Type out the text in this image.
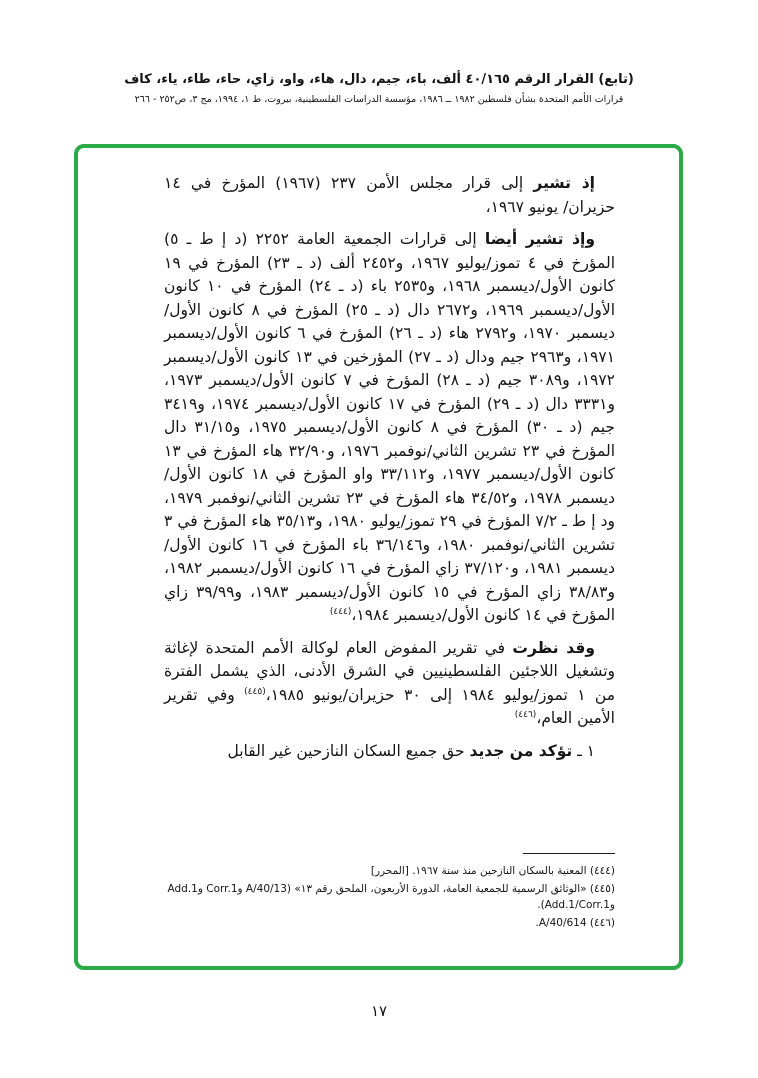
(تابع) القرار الرقم ٤٠/١٦٥ ألف، باء، جيم، دال، هاء، واو، زاي، حاء، طاء، ياء، كاف
قرارات الأمم المتحدة بشأن فلسطين ١٩٨٢ ــ ١٩٨٦، مؤسسة الدراسات الفلسطينية، بيروت، ط ١، ١٩٩٤، مج ٣، ص٢٥٢ - ٢٦٦

إذ تشير إلى قرار مجلس الأمن ٢٣٧ (١٩٦٧) المؤرخ في ١٤ حزيران/ يونيو ١٩٦٧،

وإذ تشير أيضا إلى قرارات الجمعية العامة ٢٢٥٢ (د إ ط ـ ٥) المؤرخ في ٤ تموز/يوليو ١٩٦٧، و٢٤٥٢ ألف (د ـ ٢٣) المؤرخ في ١٩ كانون الأول/ديسمبر ١٩٦٨، و٢٥٣٥ باء (د ـ ٢٤) المؤرخ في ١٠ كانون الأول/ديسمبر ١٩٦٩، و٢٦٧٢ دال (د ـ ٢٥) المؤرخ في ٨ كانون الأول/ديسمبر ١٩٧٠، و٢٧٩٢ هاء (د ـ ٢٦) المؤرخ في ٦ كانون الأول/ديسمبر ١٩٧١، و٢٩٦٣ جيم ودال (د ـ ٢٧) المؤرخين في ١٣ كانون الأول/ديسمبر ١٩٧٢، و٣٠٨٩ جيم (د ـ ٢٨) المؤرخ في ٧ كانون الأول/ديسمبر ١٩٧٣، و٣٣٣١ دال (د ـ ٢٩) المؤرخ في ١٧ كانون الأول/ديسمبر ١٩٧٤، و٣٤١٩ جيم (د ـ ٣٠) المؤرخ في ٨ كانون الأول/ديسمبر ١٩٧٥، و٣١/١٥ دال المؤرخ في ٢٣ تشرين الثاني/نوفمبر ١٩٧٦، و٣٢/٩٠ هاء المؤرخ في ١٣ كانون الأول/ديسمبر ١٩٧٧، و٣٣/١١٢ واو المؤرخ في ١٨ كانون الأول/ديسمبر ١٩٧٨، و٣٤/٥٢ هاء المؤرخ في ٢٣ تشرين الثاني/نوفمبر ١٩٧٩، ود إ ط ـ ٧/٢ المؤرخ في ٢٩ تموز/يوليو ١٩٨٠، و٣٥/١٣ هاء المؤرخ في ٣ تشرين الثاني/نوفمبر ١٩٨٠، و٣٦/١٤٦ باء المؤرخ في ١٦ كانون الأول/ديسمبر ١٩٨١، و٣٧/١٢٠ زاي المؤرخ في ١٦ كانون الأول/ديسمبر ١٩٨٢، و٣٨/٨٣ زاي المؤرخ في ١٥ كانون الأول/ديسمبر ١٩٨٣، و٣٩/٩٩ زاي المؤرخ في ١٤ كانون الأول/ديسمبر ١٩٨٤،$^{(٤٤٤)}$

وقد نظرت في تقرير المفوض العام لوكالة الأمم المتحدة لإغاثة وتشغيل اللاجئين الفلسطينيين في الشرق الأدنى، الذي يشمل الفترة من ١ تموز/يوليو ١٩٨٤ إلى ٣٠ حزيران/يونيو ١٩٨٥،$^{(٤٤٥)}$ وفي تقرير الأمين العام،$^{(٤٤٦)}$

١ ـ تؤكد من جديد حق جميع السكان النازحين غير القابل

(٤٤٤) المعنية بالسكان النازحين منذ سنة ١٩٦٧. [المحرر]
(٤٤٥) «الوثائق الرسمية للجمعية العامة، الدورة الأربعون، الملحق رقم ١٣» (A/40/13 وCorr.1 وAdd.1 وAdd.1/Corr.1).
(٤٤٦) A/40/614.
١٧
